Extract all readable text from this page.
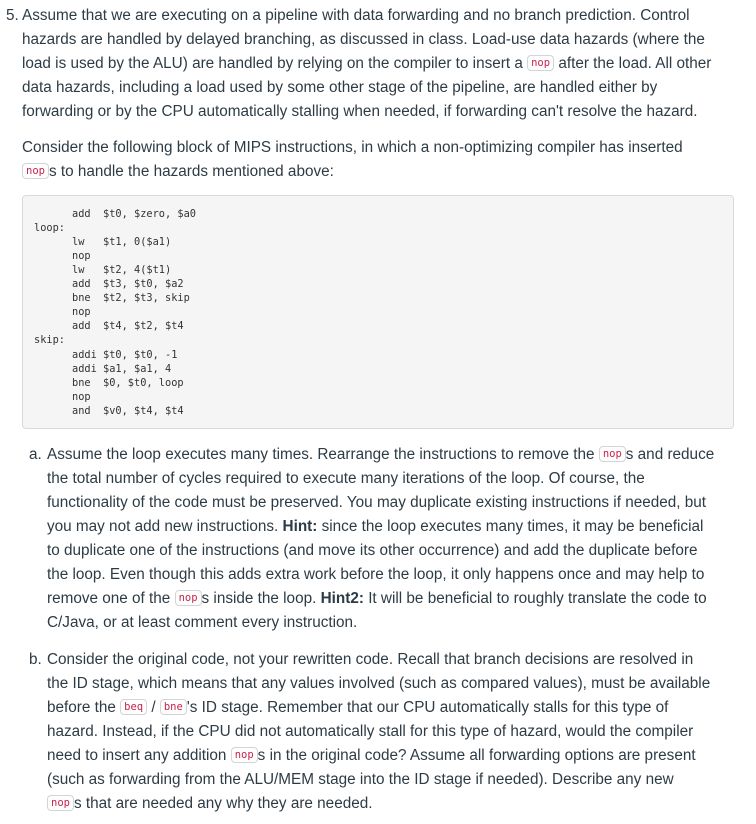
5. Assume that we are executing on a pipeline with data forwarding and no branch prediction. Control
hazards are handled by delayed branching, as discussed in class. Load-use data hazards (where the
load is used by the ALU) are handled by relying on the compiler to insert a nop after the load. All other
data hazards, including a load used by some other stage of the pipeline, are handled either by
forwarding or by the CPU automatically stalling when needed, if forwarding can't resolve the hazard.
Consider the following block of MIPS instructions, in which a non-optimizing compiler has inserted
nop s to handle the hazards mentioned above:
add  $t0, $zero, $a0
loop:
lw   $t1, 0($a1)
nop
lw   $t2, 4($t1)
add  $t3, $t0, $a2
bne  $t2, $t3, skip
nop
add  $t4, $t2, $t4
skip:
addi $t0, $t0, -1
addi $a1, $a1, 4
bne  $0, $t0, loop
nop
and  $v0, $t4, $t4
a. Assume the loop executes many times. Rearrange the instructions to remove the nop s and reduce
the total number of cycles required to execute many iterations of the loop. Of course, the
functionality of the code must be preserved. You may duplicate existing instructions if needed, but
you may not add new instructions. Hint: since the loop executes many times, it may be beneficial
to duplicate one of the instructions (and move its other occurrence) and add the duplicate before
the loop. Even though this adds extra work before the loop, it only happens once and may help to
remove one of the nop s inside the loop. Hint2: It will be beneficial to roughly translate the code to
C/Java, or at least comment every instruction.
b. Consider the original code, not your rewritten code. Recall that branch decisions are resolved in
the ID stage, which means that any values involved (such as compared values), must be available
before the beq / bne 's ID stage. Remember that our CPU automatically stalls for this type of
hazard. Instead, if the CPU did not automatically stall for this type of hazard, would the compiler
need to insert any addition nop s in the original code? Assume all forwarding options are present
(such as forwarding from the ALU/MEM stage into the ID stage if needed). Describe any new
nop s that are needed any why they are needed.
